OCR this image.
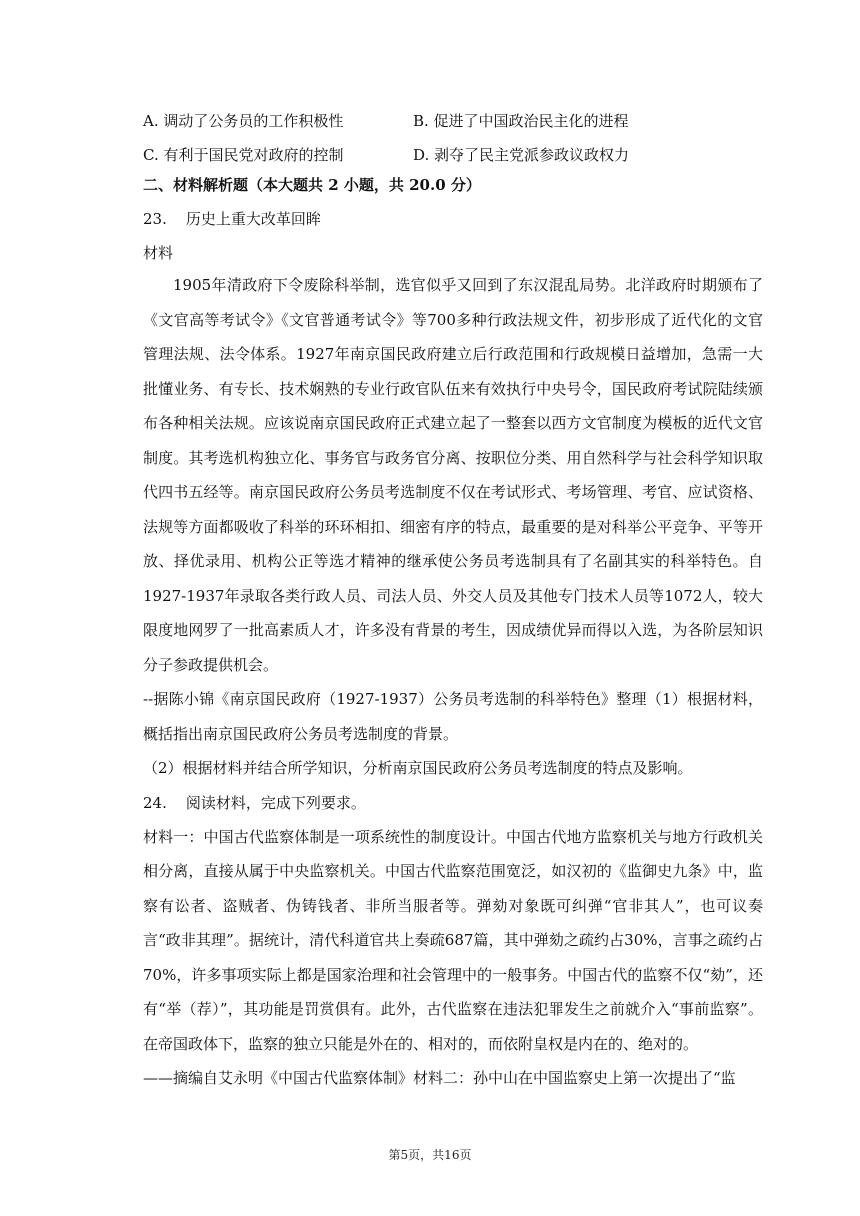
A. 调动了公务员的工作积极性	B. 促进了中国政治民主化的进程
C. 有利于国民党对政府的控制	D. 剥夺了民主党派参政议政权力
二、材料解析题（本大题共 2 小题，共 20.0 分）
23.    历史上重大改革回眸
材料

1905年清政府下令废除科举制，选官似乎又回到了东汉混乱局势。北洋政府时期颁布了《文官高等考试令》《文官普通考试令》等700多种行政法规文件，初步形成了近代化的文官管理法规、法令体系。1927年南京国民政府建立后行政范围和行政规模日益增加，急需一大批懂业务、有专长、技术娴熟的专业行政官队伍来有效执行中央号令，国民政府考试院陆续颁布各种相关法规。应该说南京国民政府正式建立起了一整套以西方文官制度为模板的近代文官制度。其考选机构独立化、事务官与政务官分离、按职位分类、用自然科学与社会科学知识取代四书五经等。南京国民政府公务员考选制度不仅在考试形式、考场管理、考官、应试资格、法规等方面都吸收了科举的环环相扣、细密有序的特点，最重要的是对科举公平竞争、平等开放、择优录用、机构公正等选才精神的继承使公务员考选制具有了名副其实的科举特色。自1927-1937年录取各类行政人员、司法人员、外交人员及其他专门技术人员等1072人，较大限度地网罗了一批高素质人才，许多没有背景的考生，因成绩优异而得以入选，为各阶层知识分子参政提供机会。

--据陈小锦《南京国民政府（1927-1937）公务员考选制的科举特色》整理（1）根据材料，概括指出南京国民政府公务员考选制度的背景。

（2）根据材料并结合所学知识，分析南京国民政府公务员考选制度的特点及影响。

24.    阅读材料，完成下列要求。

材料一：中国古代监察体制是一项系统性的制度设计。中国古代地方监察机关与地方行政机关相分离，直接从属于中央监察机关。中国古代监察范围宽泛，如汉初的《监御史九条》中，监察有讼者、盗贼者、伪铸钱者、非所当服者等。弹劾对象既可纠弹“官非其人”，也可议奏言“政非其理”。据统计，清代科道官共上奏疏687篇，其中弹劾之疏约占30%，言事之疏约占70%，许多事项实际上都是国家治理和社会管理中的一般事务。中国古代的监察不仅“劾”，还有“举（荐）”，其功能是罚赏俱有。此外，古代监察在违法犯罪发生之前就介入“事前监察”。在帝国政体下，监察的独立只能是外在的、相对的，而依附皇权是内在的、绝对的。

——摘编自艾永明《中国古代监察体制》材料二：孙中山在中国监察史上第一次提出了“监

第5页，共16页
